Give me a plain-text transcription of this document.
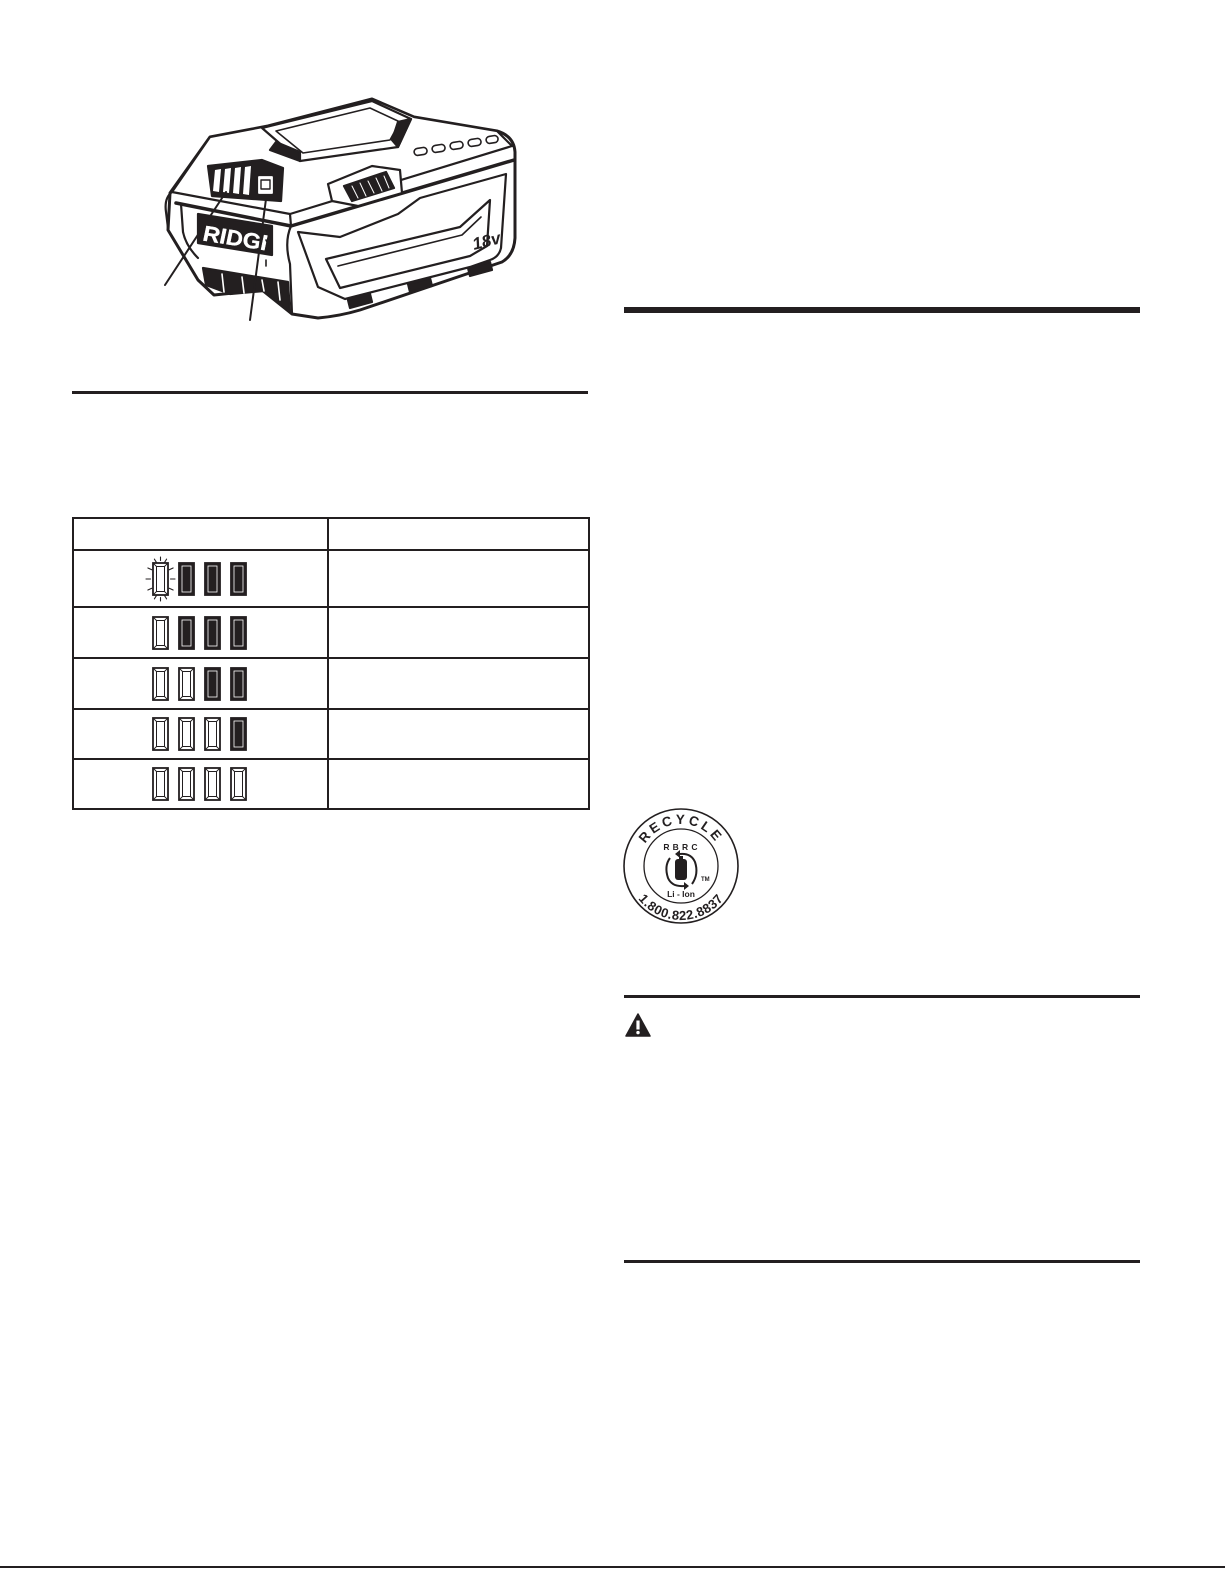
RIDGI	18v

RECYCLE
1.800.822.8837
RBRC
Li - Ion
TM
